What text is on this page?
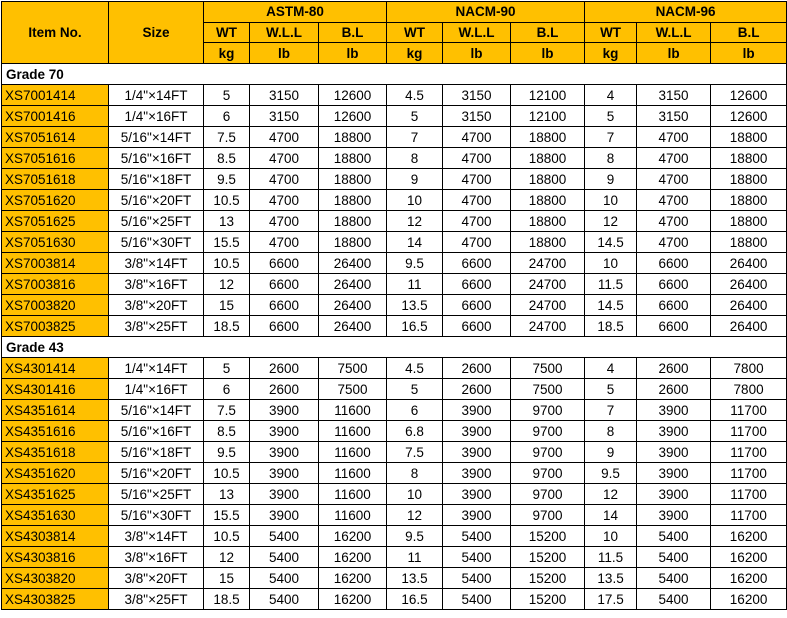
Item No.	Size	ASTM-80			NACM-90			NACM-96		
		WT	W.L.L	B.L	WT	W.L.L	B.L	WT	W.L.L	B.L
		kg	lb	lb	kg	lb	lb	kg	lb	lb
Grade 70										
XS7001414	1/4"×14FT	5	3150	12600	4.5	3150	12100	4	3150	12600
XS7001416	1/4"×16FT	6	3150	12600	5	3150	12100	5	3150	12600
XS7051614	5/16"×14FT	7.5	4700	18800	7	4700	18800	7	4700	18800
XS7051616	5/16"×16FT	8.5	4700	18800	8	4700	18800	8	4700	18800
XS7051618	5/16"×18FT	9.5	4700	18800	9	4700	18800	9	4700	18800
XS7051620	5/16"×20FT	10.5	4700	18800	10	4700	18800	10	4700	18800
XS7051625	5/16"×25FT	13	4700	18800	12	4700	18800	12	4700	18800
XS7051630	5/16"×30FT	15.5	4700	18800	14	4700	18800	14.5	4700	18800
XS7003814	3/8"×14FT	10.5	6600	26400	9.5	6600	24700	10	6600	26400
XS7003816	3/8"×16FT	12	6600	26400	11	6600	24700	11.5	6600	26400
XS7003820	3/8"×20FT	15	6600	26400	13.5	6600	24700	14.5	6600	26400
XS7003825	3/8"×25FT	18.5	6600	26400	16.5	6600	24700	18.5	6600	26400
Grade 43										
XS4301414	1/4"×14FT	5	2600	7500	4.5	2600	7500	4	2600	7800
XS4301416	1/4"×16FT	6	2600	7500	5	2600	7500	5	2600	7800
XS4351614	5/16"×14FT	7.5	3900	11600	6	3900	9700	7	3900	11700
XS4351616	5/16"×16FT	8.5	3900	11600	6.8	3900	9700	8	3900	11700
XS4351618	5/16"×18FT	9.5	3900	11600	7.5	3900	9700	9	3900	11700
XS4351620	5/16"×20FT	10.5	3900	11600	8	3900	9700	9.5	3900	11700
XS4351625	5/16"×25FT	13	3900	11600	10	3900	9700	12	3900	11700
XS4351630	5/16"×30FT	15.5	3900	11600	12	3900	9700	14	3900	11700
XS4303814	3/8"×14FT	10.5	5400	16200	9.5	5400	15200	10	5400	16200
XS4303816	3/8"×16FT	12	5400	16200	11	5400	15200	11.5	5400	16200
XS4303820	3/8"×20FT	15	5400	16200	13.5	5400	15200	13.5	5400	16200
XS4303825	3/8"×25FT	18.5	5400	16200	16.5	5400	15200	17.5	5400	16200
